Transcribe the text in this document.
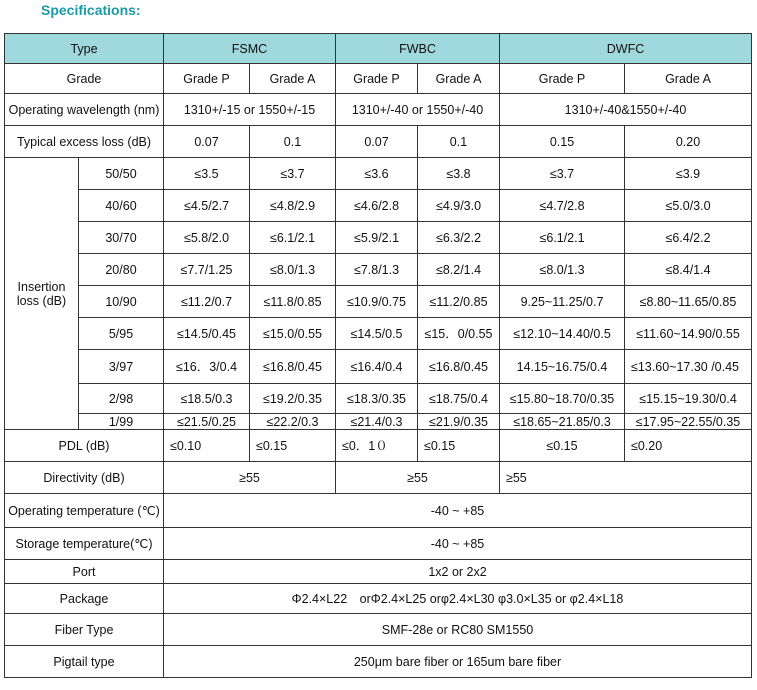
Specifications:
Type		FSMC		FWBC		DWFC	
Grade		Grade P	Grade A	Grade P	Grade A	Grade P	Grade A
Operating wavelength (nm)		1310+/-15 or 1550+/-15		1310+/-40 or 1550+/-40		1310+/-40&1550+/-40	
Typical excess loss (dB)		0.07	0.1	0.07	0.1	0.15	0.20
Insertion loss (dB)	50/50	≤3.5	≤3.7	≤3.6	≤3.8	≤3.7	≤3.9
	40/60	≤4.5/2.7	≤4.8/2.9	≤4.6/2.8	≤4.9/3.0	≤4.7/2.8	≤5.0/3.0
	30/70	≤5.8/2.0	≤6.1/2.1	≤5.9/2.1	≤6.3/2.2	≤6.1/2.1	≤6.4/2.2
	20/80	≤7.7/1.25	≤8.0/1.3	≤7.8/1.3	≤8.2/1.4	≤8.0/1.3	≤8.4/1.4
	10/90	≤11.2/0.7	≤11.8/0.85	≤10.9/0.75	≤11.2/0.85	9.25~11.25/0.7	≤8.80~11.65/0.85
	5/95	≤14.5/0.45	≤15.0/0.55	≤14.5/0.5	≤15．0/0.55	≤12.10~14.40/0.5	≤11.60~14.90/0.55
	3/97	≤16．3/0.4	≤16.8/0.45	≤16.4/0.4	≤16.8/0.45	14.15~16.75/0.4	≤13.60~17.30 /0.45
	2/98	≤18.5/0.3	≤19.2/0.35	≤18.3/0.35	≤18.75/0.4	≤15.80~18.70/0.35	≤15.15~19.30/0.4
	1/99	≤21.5/0.25	≤22.2/0.3	≤21.4/0.3	≤21.9/0.35	≤18.65~21.85/0.3	≤17.95~22.55/0.35
PDL (dB)		≤0.10	≤0.15	≤0．1０	≤0.15	≤0.15	≤0.20
Directivity (dB)		≥55		≥55		≥55	
Operating temperature (℃)		-40 ~ +85					
Storage temperature(℃)		-40 ~ +85					
Port		1x2 or 2x2					
Package		Φ2.4×L22　orΦ2.4×L25 orφ2.4×L30 φ3.0×L35 or φ2.4×L18					
Fiber Type		SMF-28e or RC80 SM1550					
Pigtail type		250μm bare fiber or 165um bare fiber					
